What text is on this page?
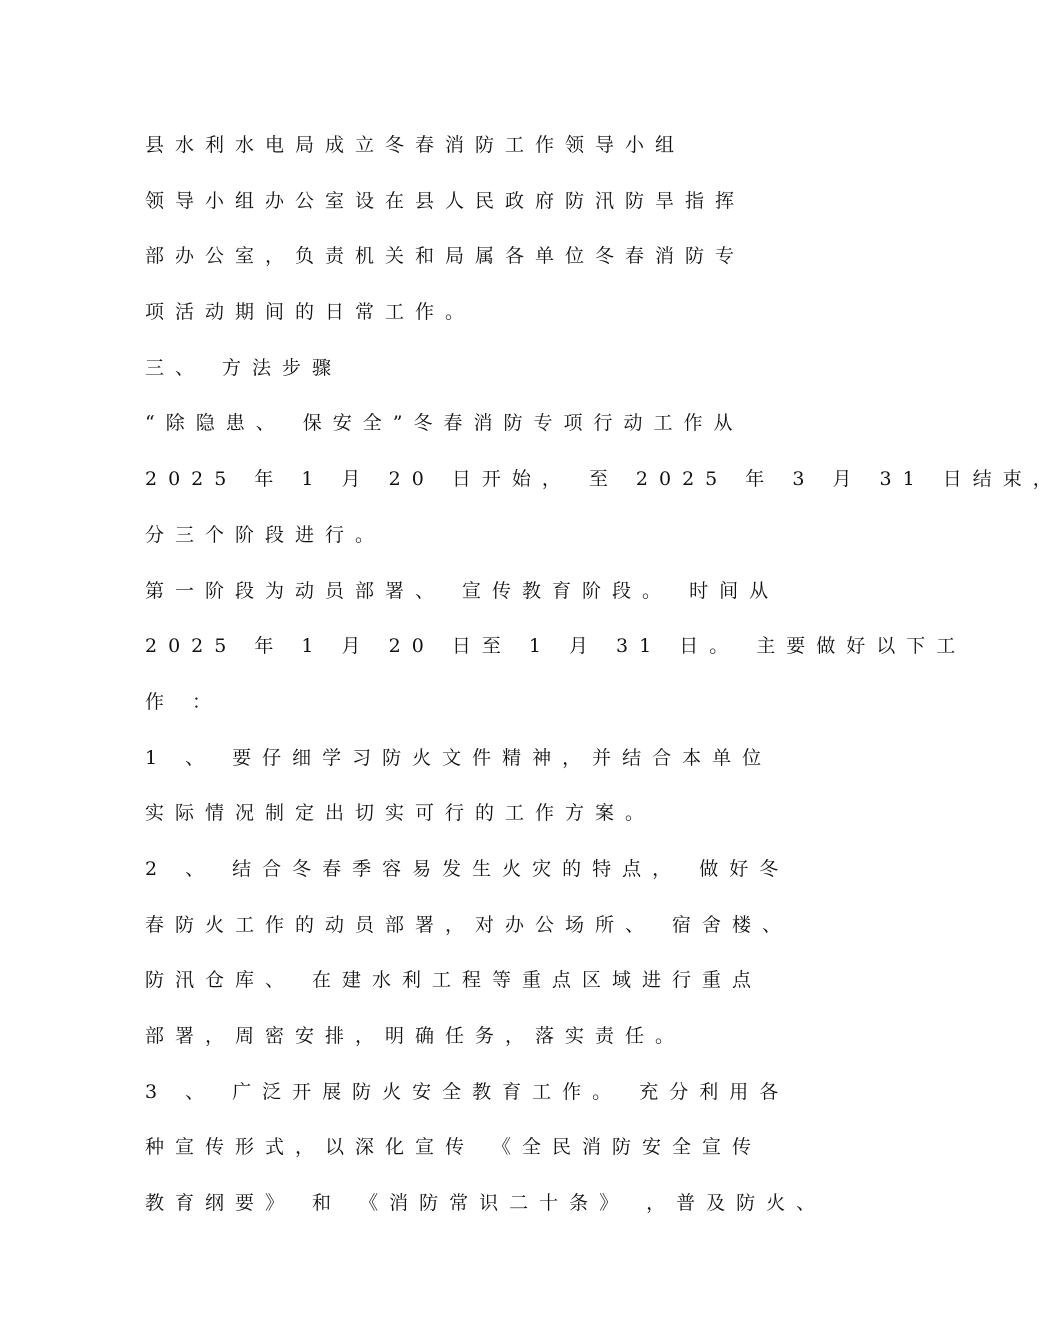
县水利水电局成立冬春消防工作领导小组
领导小组办公室设在县人民政府防汛防旱指挥
部办公室，负责机关和局属各单位冬春消防专
项活动期间的日常工作。
三、 方法步骤
“除隐患、 保安全”冬春消防专项行动工作从
2025 年 1 月 20 日开始， 至 2025 年 3 月 31 日结束，
分三个阶段进行。
第一阶段为动员部署、 宣传教育阶段。 时间从
2025 年 1 月 20 日至 1 月 31 日。 主要做好以下工
作 ：
1 、 要仔细学习防火文件精神，并结合本单位
实际情况制定出切实可行的工作方案。
2 、 结合冬春季容易发生火灾的特点， 做好冬
春防火工作的动员部署，对办公场所、 宿舍楼、
防汛仓库、 在建水利工程等重点区域进行重点
部署，周密安排，明确任务，落实责任。
3 、 广泛开展防火安全教育工作。 充分利用各
种宣传形式，以深化宣传 《全民消防安全宣传
教育纲要》 和 《消防常识二十条》 ，普及防火、
